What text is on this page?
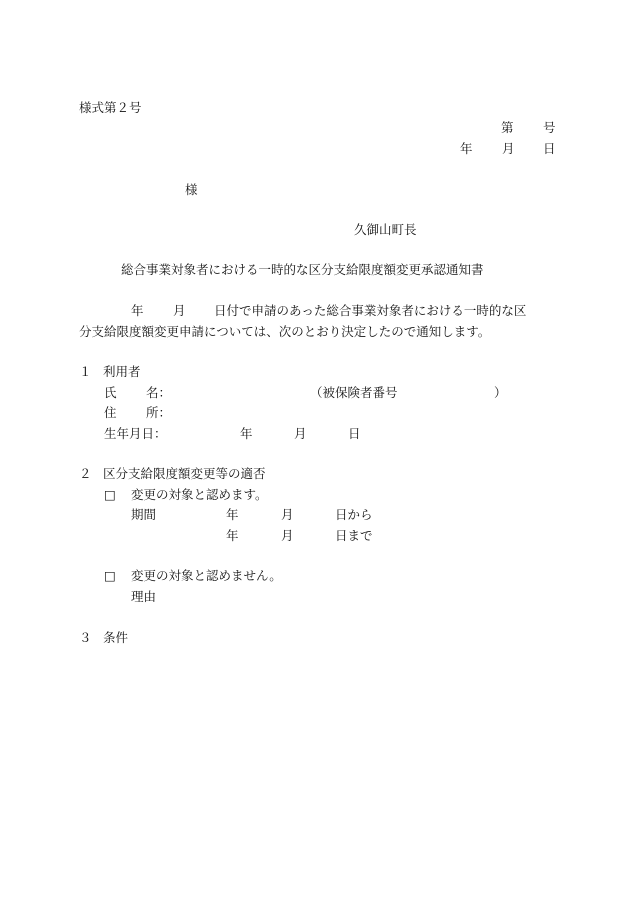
様式第２号
第 号
年 月 日
様
久御山町長
総合事業対象者における一時的な区分支給限度額変更承認通知書
年 月 日付で申請のあった総合事業対象者における一時的な区
分支給限度額変更申請については、次のとおり決定したので通知します。
１ 利用者
氏 名：	（被保険者番号	）
住 所：
生年月日：	年	月	日
２ 区分支給限度額変更等の適否
□ 変更の対象と認めます。
期間	年	月	日から
年	月	日まで
□ 変更の対象と認めません。
理由
３ 条件
